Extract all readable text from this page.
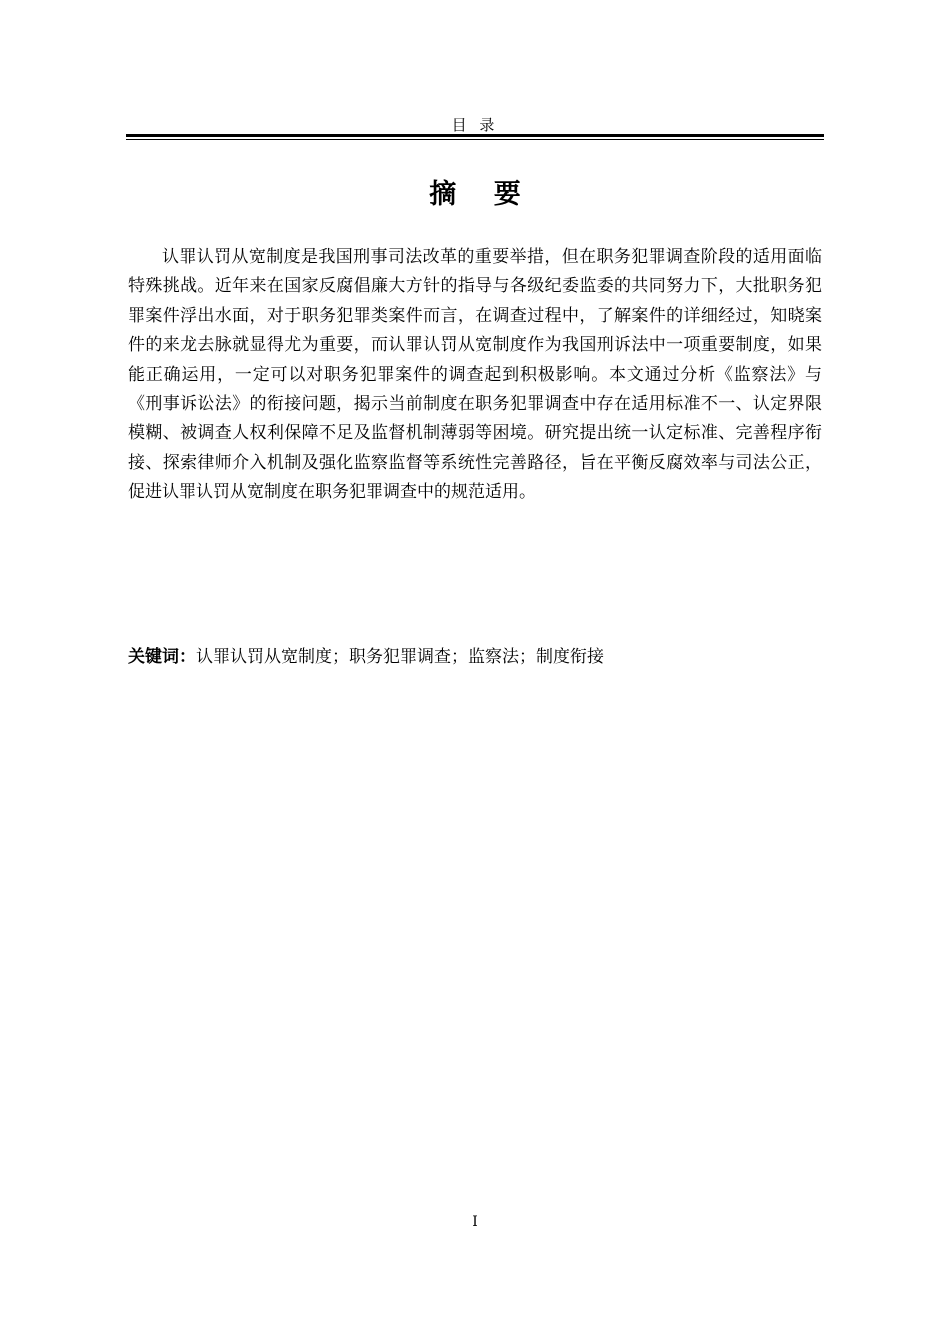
目 录
摘 要

认罪认罚从宽制度是我国刑事司法改革的重要举措，但在职务犯罪调查阶段的适用面临特殊挑战。近年来在国家反腐倡廉大方针的指导与各级纪委监委的共同努力下，大批职务犯罪案件浮出水面，对于职务犯罪类案件而言，在调查过程中，了解案件的详细经过，知晓案件的来龙去脉就显得尤为重要，而认罪认罚从宽制度作为我国刑诉法中一项重要制度，如果能正确运用，一定可以对职务犯罪案件的调查起到积极影响。本文通过分析《监察法》与《刑事诉讼法》的衔接问题，揭示当前制度在职务犯罪调查中存在适用标准不一、认定界限模糊、被调查人权利保障不足及监督机制薄弱等困境。研究提出统一认定标准、完善程序衔接、探索律师介入机制及强化监察监督等系统性完善路径，旨在平衡反腐效率与司法公正，促进认罪认罚从宽制度在职务犯罪调查中的规范适用。

关键词：认罪认罚从宽制度；职务犯罪调查；监察法；制度衔接
I
